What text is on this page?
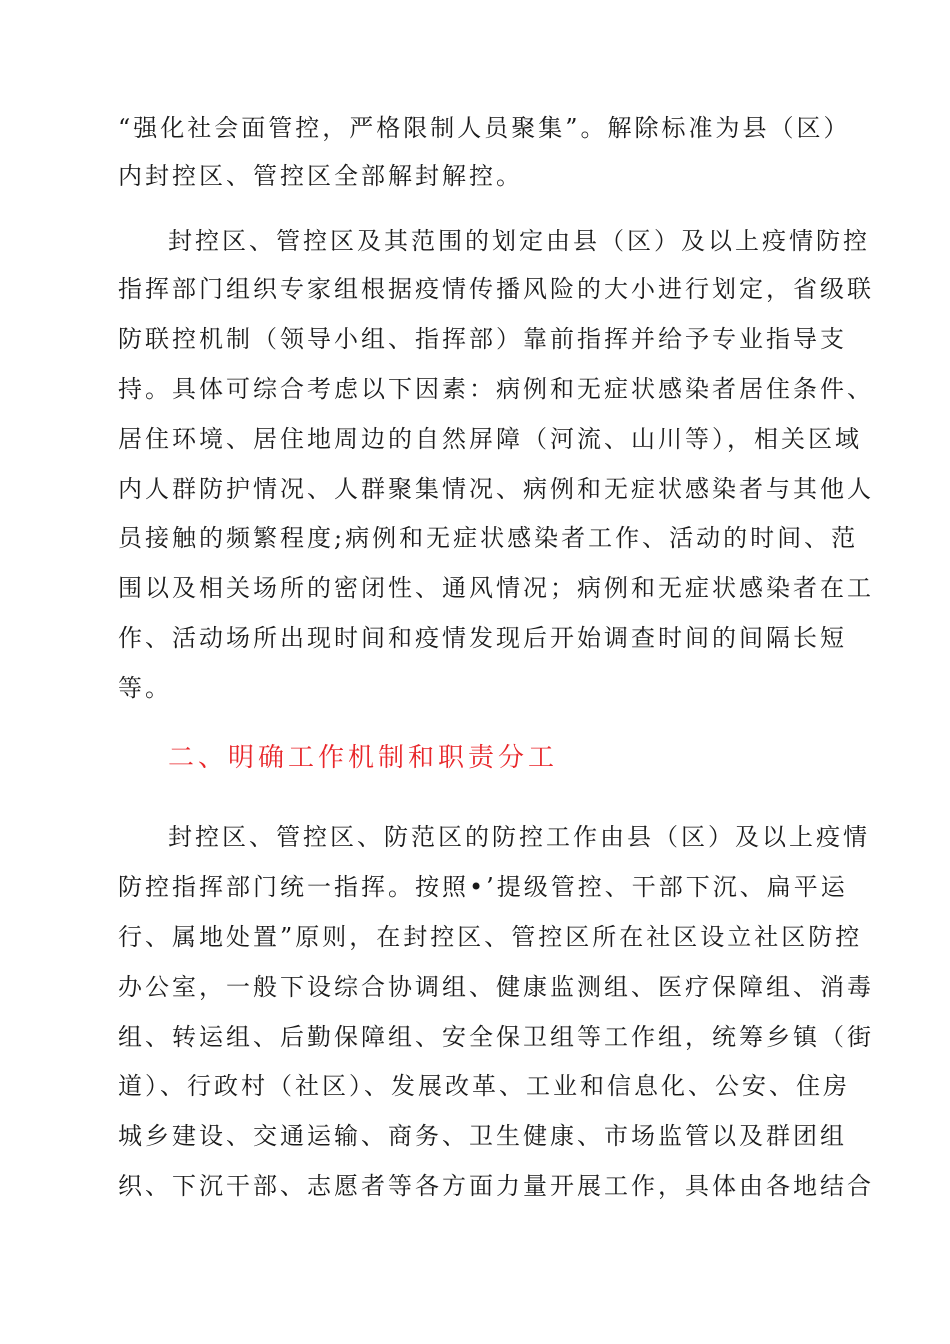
“强化社会面管控，严格限制人员聚集”。解除标准为县（区）
内封控区、管控区全部解封解控。
封控区、管控区及其范围的划定由县（区）及以上疫情防控
指挥部门组织专家组根据疫情传播风险的大小进行划定，省级联
防联控机制（领导小组、指挥部）靠前指挥并给予专业指导支
持。具体可综合考虑以下因素：病例和无症状感染者居住条件、
居住环境、居住地周边的自然屏障（河流、山川等），相关区域
内人群防护情况、人群聚集情况、病例和无症状感染者与其他人
员接触的频繁程度;病例和无症状感染者工作、活动的时间、范
围以及相关场所的密闭性、通风情况；病例和无症状感染者在工
作、活动场所出现时间和疫情发现后开始调查时间的间隔长短
等。
二、明确工作机制和职责分工
封控区、管控区、防范区的防控工作由县（区）及以上疫情
防控指挥部门统一指挥。按照•’提级管控、干部下沉、扁平运
行、属地处置”原则，在封控区、管控区所在社区设立社区防控
办公室，一般下设综合协调组、健康监测组、医疗保障组、消毒
组、转运组、后勤保障组、安全保卫组等工作组，统筹乡镇（街
道）、行政村（社区）、发展改革、工业和信息化、公安、住房
城乡建设、交通运输、商务、卫生健康、市场监管以及群团组
织、下沉干部、志愿者等各方面力量开展工作，具体由各地结合
